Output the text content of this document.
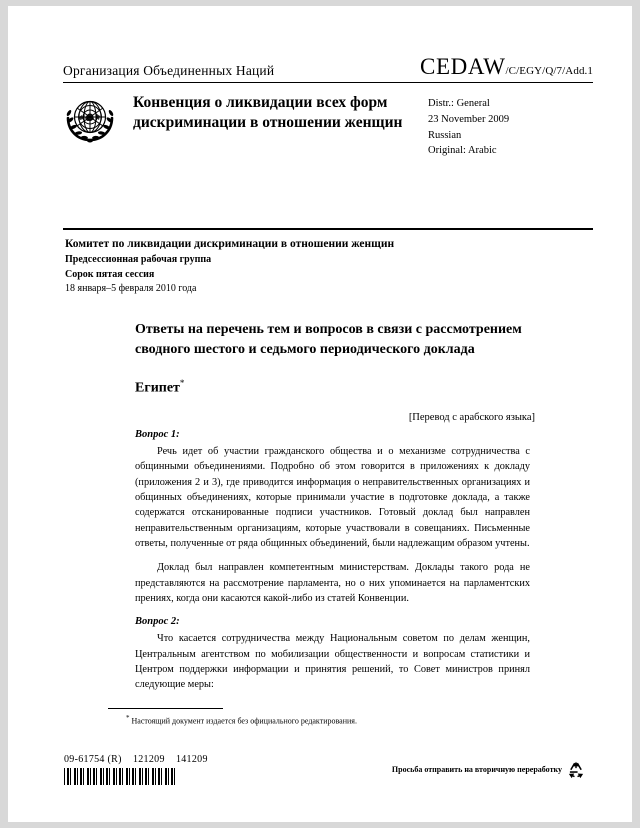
Организация Объединенных Наций	CEDAW /C/EGY/Q/7/Add.1
Конвенция о ликвидации всех форм дискриминации в отношении женщин
Distr.: General
23 November 2009
Russian
Original: Arabic
Комитет по ликвидации дискриминации в отношении женщин
Предсессионная рабочая группа
Сорок пятая сессия
18 января–5 февраля 2010 года
Ответы на перечень тем и вопросов в связи с рассмотрением сводного шестого и седьмого периодического доклада
Египет*
[Перевод с арабского языка]
Вопрос 1:

Речь идет об участии гражданского общества и о механизме сотрудничества с общинными объединениями. Подробно об этом говорится в приложениях к докладу (приложения 2 и 3), где приводится информация о неправительственных организациях и общинных объединениях, которые принимали участие в подготовке доклада, а также содержатся отсканированные подписи участников. Готовый доклад был направлен неправительственным организациям, которые участвовали в совещаниях. Письменные ответы, полученные от ряда общинных объединений, были надлежащим образом учтены.

Доклад был направлен компетентным министерствам. Доклады такого рода не представляются на рассмотрение парламента, но о них упоминается на парламентских прениях, когда они касаются какой-либо из статей Конвенции.

Вопрос 2:

Что касается сотрудничества между Национальным советом по делам женщин, Центральным агентством по мобилизации общественности и вопросам статистики и Центром поддержки информации и принятия решений, то Совет министров принял следующие меры:

* Настоящий документ издается без официального редактирования.
09-61754 (R)    121209    141209
Просьба отправить на вторичную переработку
